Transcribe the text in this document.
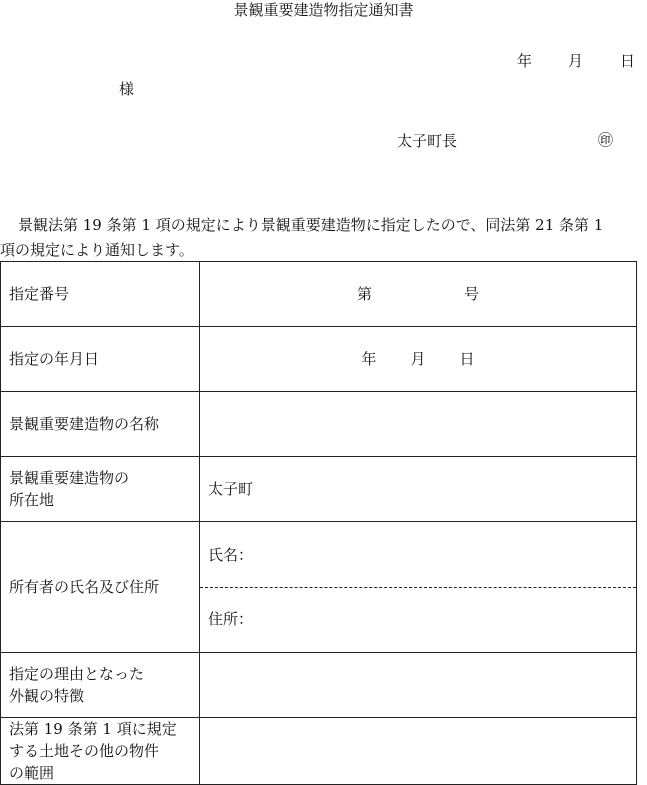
景観重要建造物指定通知書
年 月 日
様
太子町長	㊞
景観法第 19 条第 1 項の規定により景観重要建造物に指定したので、同法第 21 条第 1
項の規定により通知します。
指定番号	第 号

指定の年月日	年 月 日

景観重要建造物の名称	

景観重要建造物の
所在地	太子町
所有者の氏名及び住所	氏名：
住所：

指定の理由となった
外観の特徴	

法第 19 条第 1 項に規定
する土地その他の物件
の範囲	
